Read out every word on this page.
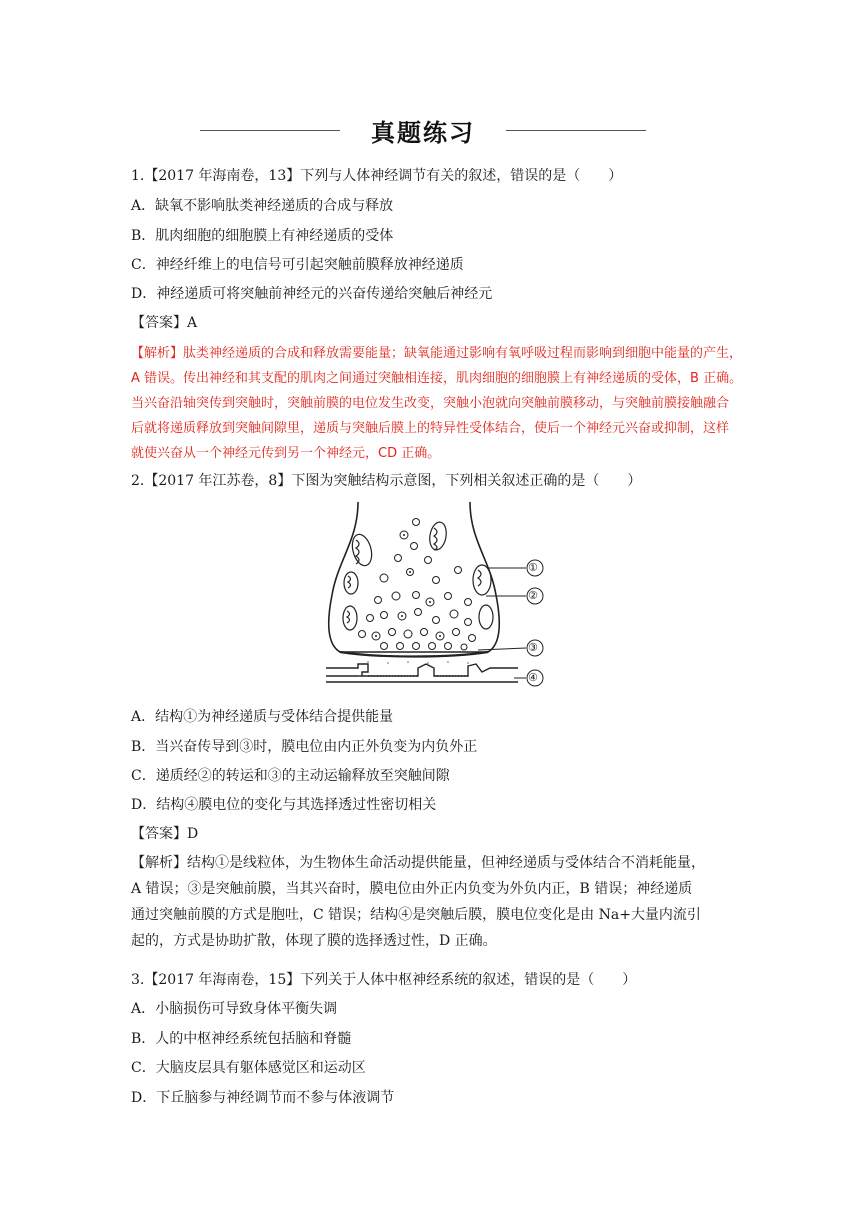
真题练习
1.【2017 年海南卷，13】下列与人体神经调节有关的叙述，错误的是（　　）
A．缺氧不影响肽类神经递质的合成与释放
B．肌肉细胞的细胞膜上有神经递质的受体
C．神经纤维上的电信号可引起突触前膜释放神经递质
D．神经递质可将突触前神经元的兴奋传递给突触后神经元
【答案】A

【解析】肽类神经递质的合成和释放需要能量；缺氧能通过影响有氧呼吸过程而影响到细胞中能量的产生，

A 错误。传出神经和其支配的肌肉之间通过突触相连接，肌肉细胞的细胞膜上有神经递质的受体，B 正确。

当兴奋沿轴突传到突触时，突触前膜的电位发生改变，突触小泡就向突触前膜移动，与突触前膜接触融合

后就将递质释放到突触间隙里，递质与突触后膜上的特异性受体结合，使后一个神经元兴奋或抑制，这样

就使兴奋从一个神经元传到另一个神经元，CD 正确。

2.【2017 年江苏卷，8】下图为突触结构示意图，下列相关叙述正确的是（　　）
①
②
③
④
A．结构①为神经递质与受体结合提供能量
B．当兴奋传导到③时，膜电位由内正外负变为内负外正
C．递质经②的转运和③的主动运输释放至突触间隙
D．结构④膜电位的变化与其选择透过性密切相关
【答案】D

【解析】结构①是线粒体，为生物体生命活动提供能量，但神经递质与受体结合不消耗能量，

A 错误；③是突触前膜，当其兴奋时，膜电位由外正内负变为外负内正，B 错误；神经递质

通过突触前膜的方式是胞吐，C 错误；结构④是突触后膜，膜电位变化是由 Na+大量内流引

起的，方式是协助扩散，体现了膜的选择透过性，D 正确。

3.【2017 年海南卷，15】下列关于人体中枢神经系统的叙述，错误的是（　　）
A．小脑损伤可导致身体平衡失调
B．人的中枢神经系统包括脑和脊髓
C．大脑皮层具有躯体感觉区和运动区
D．下丘脑参与神经调节而不参与体液调节
